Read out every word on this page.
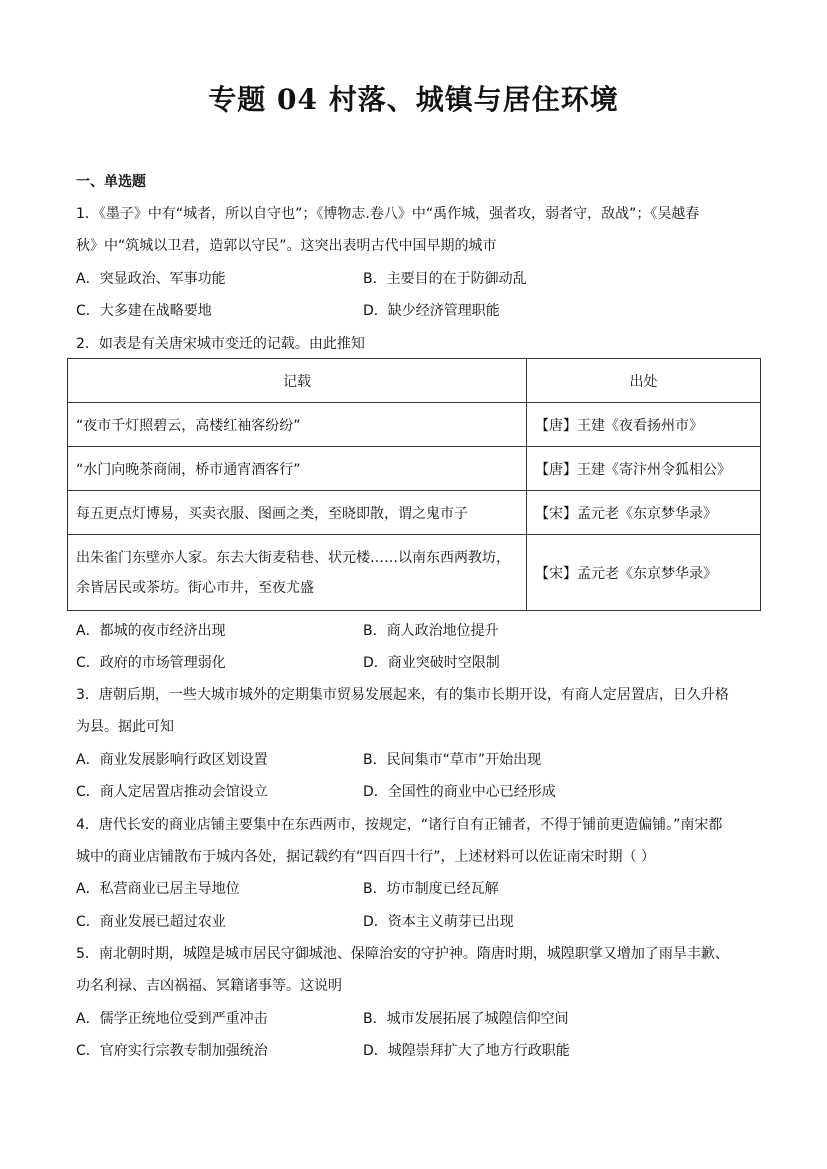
专题 04 村落、城镇与居住环境
一、单选题
1．《墨子》中有“城者，所以自守也”；《博物志.卷八》中“禹作城，强者攻，弱者守，敌战”；《吴越春
秋》中“筑城以卫君，造郭以守民”。这突出表明古代中国早期的城市
A．突显政治、军事功能	B．主要目的在于防御动乱
C．大多建在战略要地	D．缺少经济管理职能
2．如表是有关唐宋城市变迁的记载。由此推知
记载	出处
“夜市千灯照碧云，高楼红袖客纷纷”	【唐】王建《夜看扬州市》
“水门向晚茶商闹，桥市通宵酒客行”	【唐】王建《寄汴州令狐相公》
每五更点灯博易，买卖衣服、图画之类，至晓即散，谓之鬼市子	【宋】孟元老《东京梦华录》

出朱雀门东壁亦人家。东去大街麦秸巷、状元楼……以南东西两教坊，
余皆居民或茶坊。街心市井，至夜尤盛	【宋】孟元老《东京梦华录》
A．都城的夜市经济出现	B．商人政治地位提升
C．政府的市场管理弱化	D．商业突破时空限制
3．唐朝后期，一些大城市城外的定期集市贸易发展起来，有的集市长期开设，有商人定居置店，日久升格
为县。据此可知
A．商业发展影响行政区划设置	B．民间集市“草市”开始出现
C．商人定居置店推动会馆设立	D．全国性的商业中心已经形成
4．唐代长安的商业店铺主要集中在东西两市，按规定，“诸行自有正铺者，不得于铺前更造偏铺。”南宋都
城中的商业店铺散布于城内各处，据记载约有“四百四十行”，上述材料可以佐证南宋时期（ ）
A．私营商业已居主导地位	B．坊市制度已经瓦解
C．商业发展已超过农业	D．资本主义萌芽已出现
5．南北朝时期，城隍是城市居民守御城池、保障治安的守护神。隋唐时期，城隍职掌又增加了雨旱丰歉、
功名利禄、吉凶祸福、冥籍诸事等。这说明
A．儒学正统地位受到严重冲击	B．城市发展拓展了城隍信仰空间
C．官府实行宗教专制加强统治	D．城隍崇拜扩大了地方行政职能
